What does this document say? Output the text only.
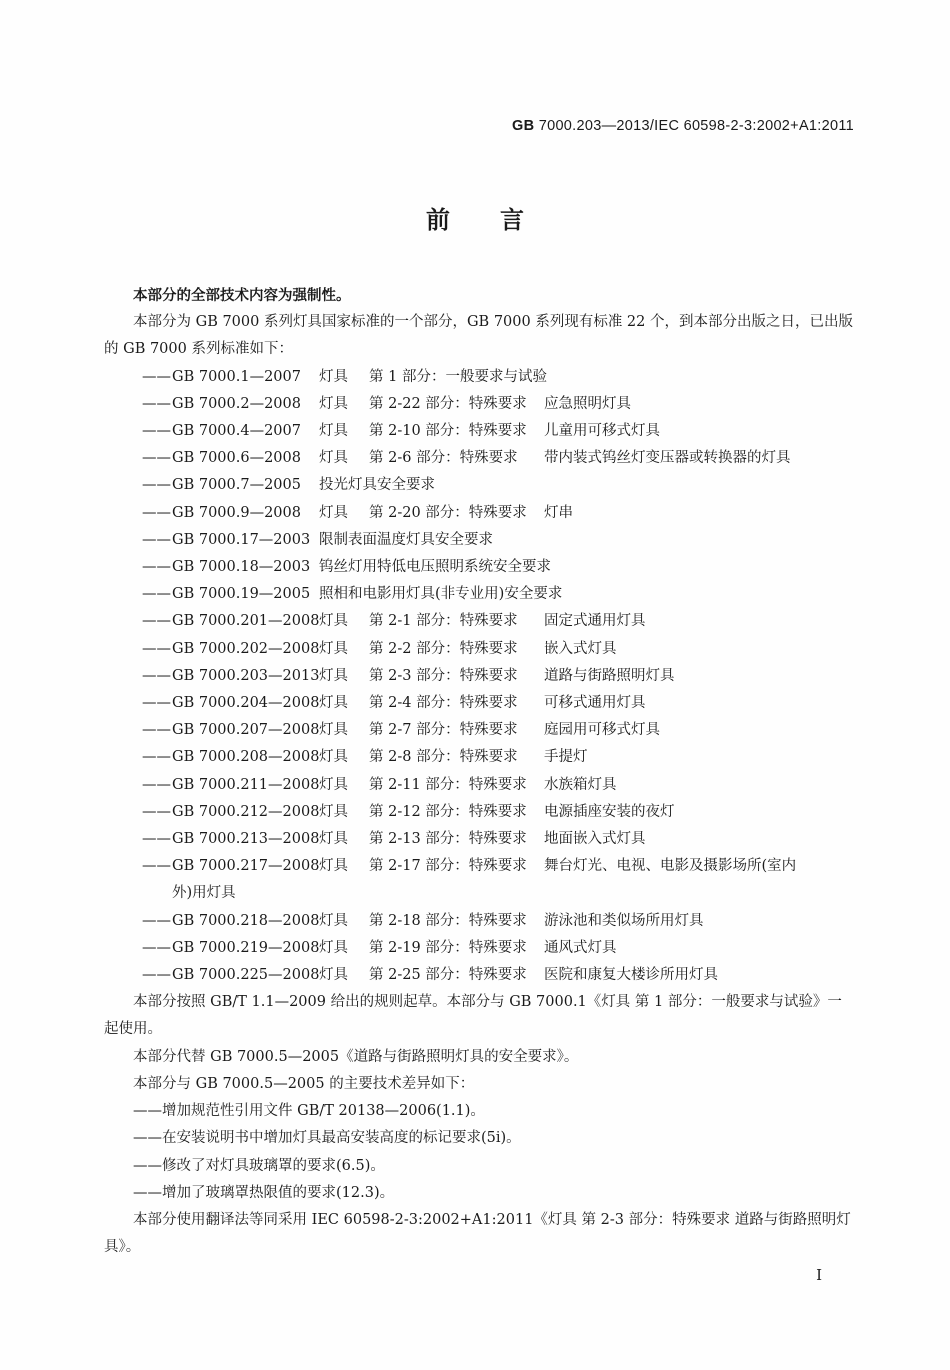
GB 7000.203—2013/IEC 60598-2-3:2002+A1:2011
前言

本部分的全部技术内容为强制性。

本部分为 GB 7000 系列灯具国家标准的一个部分，GB 7000 系列现有标准 22 个，到本部分出版之日，已出版的 GB 7000 系列标准如下：

—— GB 7000.1—2007	灯具	第 1 部分：一般要求与试验
—— GB 7000.2—2008	灯具	第 2-22 部分：特殊要求	应急照明灯具
—— GB 7000.4—2007	灯具	第 2-10 部分：特殊要求	儿童用可移式灯具
—— GB 7000.6—2008	灯具	第 2-6 部分：特殊要求	带内装式钨丝灯变压器或转换器的灯具
—— GB 7000.7—2005	投光灯具安全要求
—— GB 7000.9—2008	灯具	第 2-20 部分：特殊要求	灯串
—— GB 7000.17—2003 限制表面温度灯具安全要求
—— GB 7000.18—2003 钨丝灯用特低电压照明系统安全要求
—— GB 7000.19—2005 照相和电影用灯具(非专业用)安全要求
—— GB 7000.201—2008 灯具	第 2-1 部分：特殊要求	固定式通用灯具
—— GB 7000.202—2008 灯具	第 2-2 部分：特殊要求	嵌入式灯具
—— GB 7000.203—2013 灯具	第 2-3 部分：特殊要求	道路与街路照明灯具
—— GB 7000.204—2008 灯具	第 2-4 部分：特殊要求	可移式通用灯具
—— GB 7000.207—2008 灯具	第 2-7 部分：特殊要求	庭园用可移式灯具
—— GB 7000.208—2008 灯具	第 2-8 部分：特殊要求	手提灯
—— GB 7000.211—2008 灯具	第 2-11 部分：特殊要求	水族箱灯具
—— GB 7000.212—2008 灯具	第 2-12 部分：特殊要求	电源插座安装的夜灯
—— GB 7000.213—2008 灯具	第 2-13 部分：特殊要求	地面嵌入式灯具
—— GB 7000.217—2008 灯具	第 2-17 部分：特殊要求	舞台灯光、电视、电影及摄影场所(室内
外)用灯具
—— GB 7000.218—2008 灯具	第 2-18 部分：特殊要求	游泳池和类似场所用灯具
—— GB 7000.219—2008 灯具	第 2-19 部分：特殊要求	通风式灯具
—— GB 7000.225—2008 灯具	第 2-25 部分：特殊要求	医院和康复大楼诊所用灯具

本部分按照 GB/T 1.1—2009 给出的规则起草。本部分与 GB 7000.1《灯具 第 1 部分：一般要求与试验》一起使用。

本部分代替 GB 7000.5—2005《道路与街路照明灯具的安全要求》。

本部分与 GB 7000.5—2005 的主要技术差异如下：

——增加规范性引用文件 GB/T 20138—2006(1.1)。

——在安装说明书中增加灯具最高安装高度的标记要求(5i)。

——修改了对灯具玻璃罩的要求(6.5)。

——增加了玻璃罩热限值的要求(12.3)。

本部分使用翻译法等同采用 IEC 60598-2-3:2002+A1:2011《灯具 第 2-3 部分：特殊要求 道路与街路照明灯具》。

I
